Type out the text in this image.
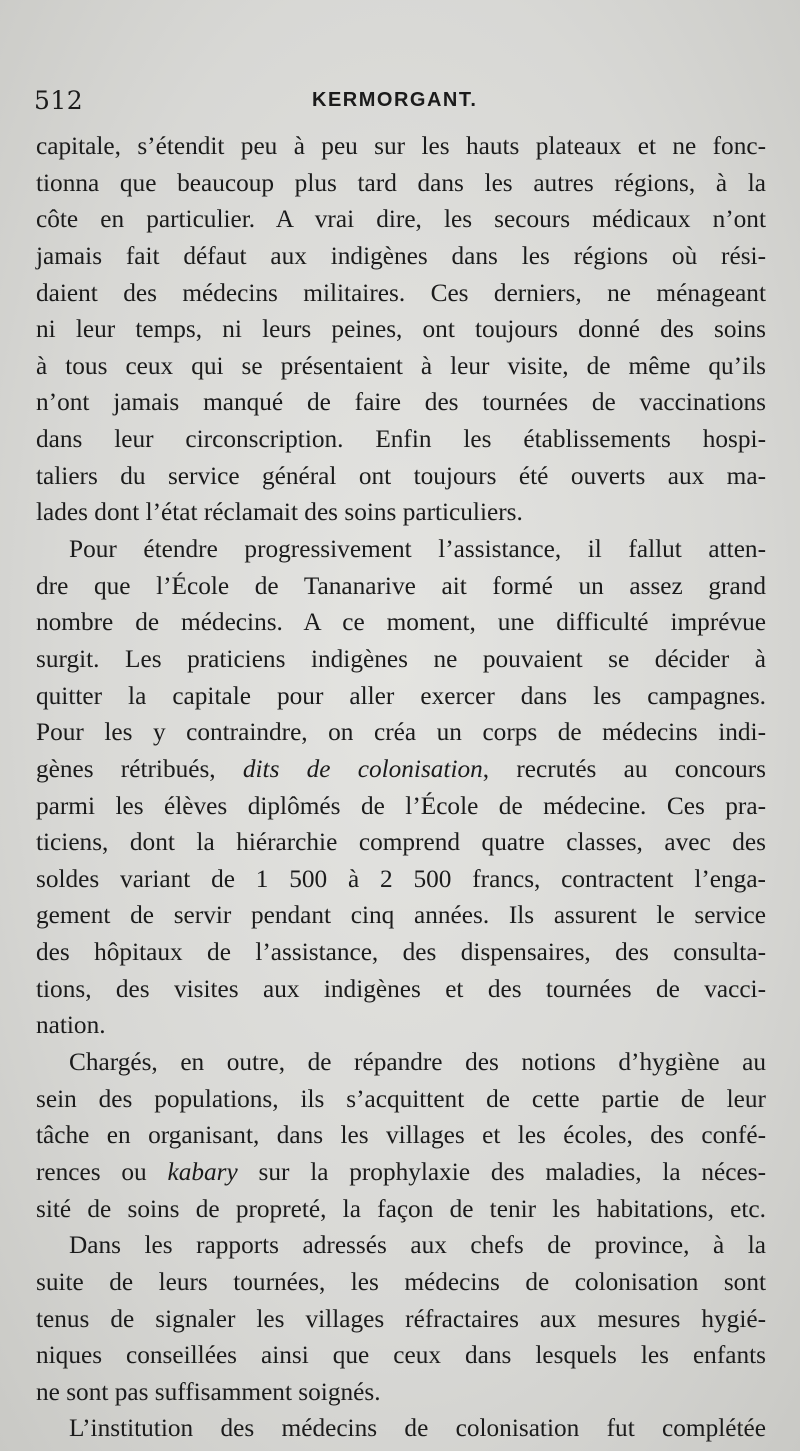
512	KERMORGANT.

capitale, s’étendit peu à peu sur les hauts plateaux et ne fonc-
tionna que beaucoup plus tard dans les autres régions, à la
côte en particulier. A vrai dire, les secours médicaux n’ont
jamais fait défaut aux indigènes dans les régions où rési-
daient des médecins militaires. Ces derniers, ne ménageant
ni leur temps, ni leurs peines, ont toujours donné des soins
à tous ceux qui se présentaient à leur visite, de même qu’ils
n’ont jamais manqué de faire des tournées de vaccinations
dans leur circonscription. Enfin les établissements hospi-
taliers du service général ont toujours été ouverts aux ma-
lades dont l’état réclamait des soins particuliers.

Pour étendre progressivement l’assistance, il fallut atten-
dre que l’École de Tananarive ait formé un assez grand
nombre de médecins. A ce moment, une difficulté imprévue
surgit. Les praticiens indigènes ne pouvaient se décider à
quitter la capitale pour aller exercer dans les campagnes.
Pour les y contraindre, on créa un corps de médecins indi-
gènes rétribués, dits de colonisation, recrutés au concours
parmi les élèves diplômés de l’École de médecine. Ces pra-
ticiens, dont la hiérarchie comprend quatre classes, avec des
soldes variant de 1 500 à 2 500 francs, contractent l’enga-
gement de servir pendant cinq années. Ils assurent le service
des hôpitaux de l’assistance, des dispensaires, des consulta-
tions, des visites aux indigènes et des tournées de vacci-
nation.

Chargés, en outre, de répandre des notions d’hygiène au
sein des populations, ils s’acquittent de cette partie de leur
tâche en organisant, dans les villages et les écoles, des confé-
rences ou kabary sur la prophylaxie des maladies, la néces-
sité de soins de propreté, la façon de tenir les habitations, etc.

Dans les rapports adressés aux chefs de province, à la
suite de leurs tournées, les médecins de colonisation sont
tenus de signaler les villages réfractaires aux mesures hygié-
niques conseillées ainsi que ceux dans lesquels les enfants
ne sont pas suffisamment soignés.

L’institution des médecins de colonisation fut complétée
